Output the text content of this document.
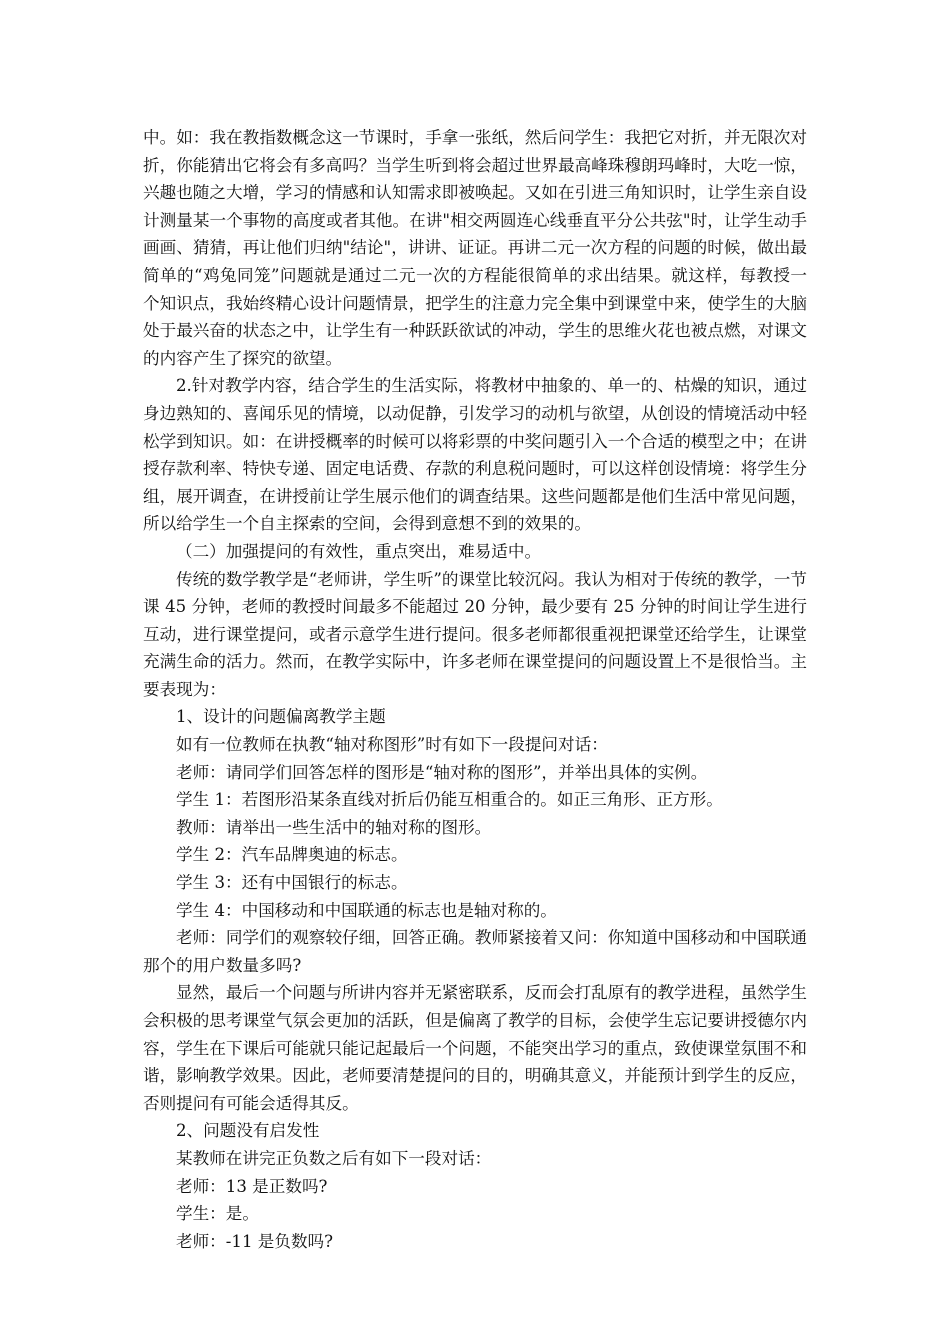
中。如：我在教指数概念这一节课时，手拿一张纸，然后问学生：我把它对折，并无限次对折，你能猜出它将会有多高吗？当学生听到将会超过世界最高峰珠穆朗玛峰时，大吃一惊，兴趣也随之大增，学习的情感和认知需求即被唤起。又如在引进三角知识时，让学生亲自设计测量某一个事物的高度或者其他。在讲"相交两圆连心线垂直平分公共弦"时，让学生动手画画、猜猜，再让他们归纳"结论"，讲讲、证证。再讲二元一次方程的问题的时候，做出最简单的“鸡兔同笼”问题就是通过二元一次的方程能很简单的求出结果。就这样，每教授一个知识点，我始终精心设计问题情景，把学生的注意力完全集中到课堂中来，使学生的大脑处于最兴奋的状态之中，让学生有一种跃跃欲试的冲动，学生的思维火花也被点燃，对课文的内容产生了探究的欲望。

2.针对教学内容，结合学生的生活实际，将教材中抽象的、单一的、枯燥的知识，通过身边熟知的、喜闻乐见的情境，以动促静，引发学习的动机与欲望，从创设的情境活动中轻松学到知识。如：在讲授概率的时候可以将彩票的中奖问题引入一个合适的模型之中；在讲授存款利率、特快专递、固定电话费、存款的利息税问题时，可以这样创设情境：将学生分组，展开调查，在讲授前让学生展示他们的调查结果。这些问题都是他们生活中常见问题，所以给学生一个自主探索的空间，会得到意想不到的效果的。

（二）加强提问的有效性，重点突出，难易适中。

传统的数学教学是“老师讲，学生听”的课堂比较沉闷。我认为相对于传统的教学，一节课 45 分钟，老师的教授时间最多不能超过 20 分钟，最少要有 25 分钟的时间让学生进行互动，进行课堂提问，或者示意学生进行提问。很多老师都很重视把课堂还给学生，让课堂充满生命的活力。然而，在教学实际中，许多老师在课堂提问的问题设置上不是很恰当。主要表现为：

1、设计的问题偏离教学主题

如有一位教师在执教“轴对称图形”时有如下一段提问对话：

老师：请同学们回答怎样的图形是“轴对称的图形”，并举出具体的实例。

学生 1：若图形沿某条直线对折后仍能互相重合的。如正三角形、正方形。

教师：请举出一些生活中的轴对称的图形。

学生 2：汽车品牌奥迪的标志。

学生 3：还有中国银行的标志。

学生 4：中国移动和中国联通的标志也是轴对称的。

老师：同学们的观察较仔细，回答正确。教师紧接着又问：你知道中国移动和中国联通那个的用户数量多吗?

显然，最后一个问题与所讲内容并无紧密联系，反而会打乱原有的教学进程，虽然学生会积极的思考课堂气氛会更加的活跃，但是偏离了教学的目标，会使学生忘记要讲授德尔内容，学生在下课后可能就只能记起最后一个问题，不能突出学习的重点，致使课堂氛围不和谐，影响教学效果。因此，老师要清楚提问的目的，明确其意义，并能预计到学生的反应，否则提问有可能会适得其反。

2、问题没有启发性

某教师在讲完正负数之后有如下一段对话：

老师：13 是正数吗?

学生：是。

老师：-11 是负数吗?
